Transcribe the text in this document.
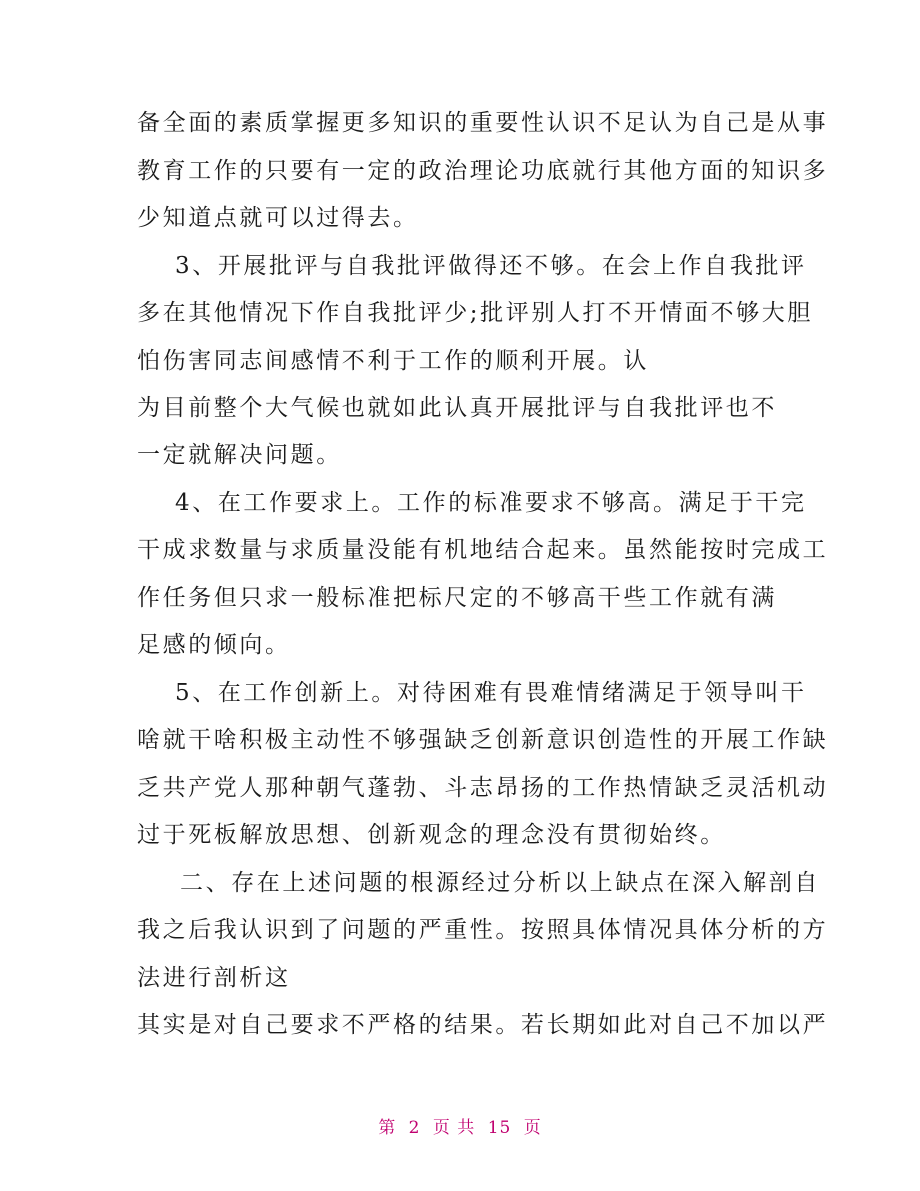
备全面的素质掌握更多知识的重要性认识不足认为自己是从事
教育工作的只要有一定的政治理论功底就行其他方面的知识多
少知道点就可以过得去。
3、开展批评与自我批评做得还不够。在会上作自我批评
多在其他情况下作自我批评少;批评别人打不开情面不够大胆
怕伤害同志间感情不利于工作的顺利开展。认
为目前整个大气候也就如此认真开展批评与自我批评也不
一定就解决问题。
4、在工作要求上。工作的标准要求不够高。满足于干完
干成求数量与求质量没能有机地结合起来。虽然能按时完成工
作任务但只求一般标准把标尺定的不够高干些工作就有满
足感的倾向。
5、在工作创新上。对待困难有畏难情绪满足于领导叫干
啥就干啥积极主动性不够强缺乏创新意识创造性的开展工作缺
乏共产党人那种朝气蓬勃、斗志昂扬的工作热情缺乏灵活机动
过于死板解放思想、创新观念的理念没有贯彻始终。
二、存在上述问题的根源经过分析以上缺点在深入解剖自
我之后我认识到了问题的严重性。按照具体情况具体分析的方
法进行剖析这
其实是对自己要求不严格的结果。若长期如此对自己不加以严
第 2 页 共 15 页
